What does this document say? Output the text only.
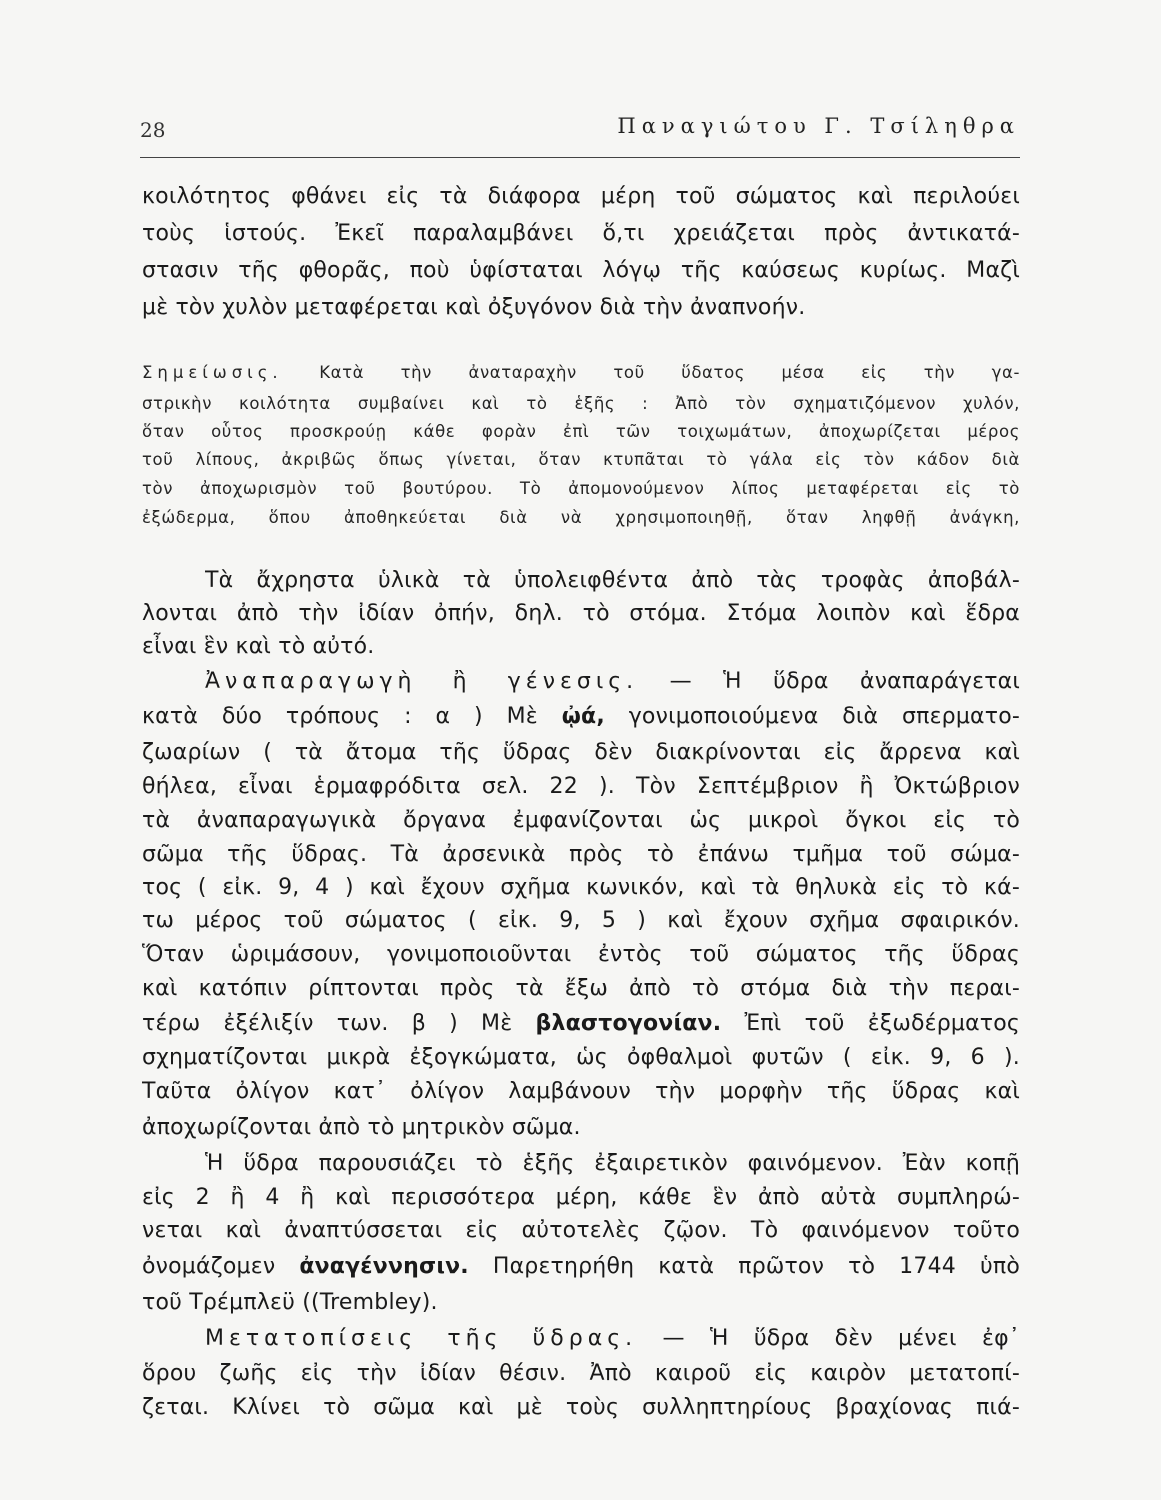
28	Παναγιώτου Γ. Τσίληθρα
κοιλότητος φθάνει εἰς τὰ διάφορα μέρη τοῦ σώματος καὶ περιλούει
τοὺς ἱστούς. Ἐκεῖ παραλαμβάνει ὅ,τι χρειάζεται πρὸς ἀντικατά-
στασιν τῆς φθορᾶς, ποὺ ὑφίσταται λόγῳ τῆς καύσεως κυρίως. Μαζὶ
μὲ τὸν χυλὸν μεταφέρεται καὶ ὀξυγόνον διὰ τὴν ἀναπνοήν.
Σημείωσις. Κατὰ τὴν ἀναταραχὴν τοῦ ὕδατος μέσα εἰς τὴν γα-
στρικὴν κοιλότητα συμβαίνει καὶ τὸ ἑξῆς : Ἀπὸ τὸν σχηματιζόμενον χυλόν,
ὅταν οὗτος προσκρούῃ κάθε φορὰν ἐπὶ τῶν τοιχωμάτων, ἀποχωρίζεται μέρος
τοῦ λίπους, ἀκριβῶς ὅπως γίνεται, ὅταν κτυπᾶται τὸ γάλα εἰς τὸν κάδον διὰ
τὸν ἀποχωρισμὸν τοῦ βουτύρου. Τὸ ἀπομονούμενον λίπος μεταφέρεται εἰς τὸ
ἐξώδερμα, ὅπου ἀποθηκεύεται διὰ νὰ χρησιμοποιηθῇ, ὅταν ληφθῇ ἀνάγκη,
Τὰ ἄχρηστα ὑλικὰ τὰ ὑπολειφθέντα ἀπὸ τὰς τροφὰς ἀποβάλ-
λονται ἀπὸ τὴν ἰδίαν ὀπήν, δηλ. τὸ στόμα. Στόμα λοιπὸν καὶ ἕδρα
εἶναι ἓν καὶ τὸ αὐτό.
Ἀναπαραγωγὴ ἢ γένεσις. — Ἡ ὕδρα ἀναπαράγεται
κατὰ δύο τρόπους : α ) Μὲ ᾠά, γονιμοποιούμενα διὰ σπερματο-
ζωαρίων ( τὰ ἄτομα τῆς ὕδρας δὲν διακρίνονται εἰς ἄρρενα καὶ
θήλεα, εἶναι ἑρμαφρόδιτα σελ. 22 ). Τὸν Σεπτέμβριον ἢ Ὀκτώβριον
τὰ ἀναπαραγωγικὰ ὄργανα ἐμφανίζονται ὡς μικροὶ ὄγκοι εἰς τὸ
σῶμα τῆς ὕδρας. Τὰ ἀρσενικὰ πρὸς τὸ ἐπάνω τμῆμα τοῦ σώμα-
τος ( εἰκ. 9, 4 ) καὶ ἔχουν σχῆμα κωνικόν, καὶ τὰ θηλυκὰ εἰς τὸ κά-
τω μέρος τοῦ σώματος ( εἰκ. 9, 5 ) καὶ ἔχουν σχῆμα σφαιρικόν.
Ὅταν ὡριμάσουν, γονιμοποιοῦνται ἐντὸς τοῦ σώματος τῆς ὕδρας
καὶ κατόπιν ρίπτονται πρὸς τὰ ἔξω ἀπὸ τὸ στόμα διὰ τὴν περαι-
τέρω ἐξέλιξίν των. β ) Μὲ βλαστογονίαν. Ἐπὶ τοῦ ἐξωδέρματος
σχηματίζονται μικρὰ ἐξογκώματα, ὡς ὀφθαλμοὶ φυτῶν ( εἰκ. 9, 6 ).
Ταῦτα ὀλίγον κατ᾿ ὀλίγον λαμβάνουν τὴν μορφὴν τῆς ὕδρας καὶ
ἀποχωρίζονται ἀπὸ τὸ μητρικὸν σῶμα.
Ἡ ὕδρα παρουσιάζει τὸ ἑξῆς ἐξαιρετικὸν φαινόμενον. Ἐὰν κοπῇ
εἰς 2 ἢ 4 ἢ καὶ περισσότερα μέρη, κάθε ἓν ἀπὸ αὐτὰ συμπληρώ-
νεται καὶ ἀναπτύσσεται εἰς αὐτοτελὲς ζῷον. Τὸ φαινόμενον τοῦτο
ὀνομάζομεν ἀναγέννησιν. Παρετηρήθη κατὰ πρῶτον τὸ 1744 ὑπὸ
τοῦ Τρέμπλεϋ ((Trembley).
Μετατοπίσεις τῆς ὕδρας. — Ἡ ὕδρα δὲν μένει ἐφ᾿
ὅρου ζωῆς εἰς τὴν ἰδίαν θέσιν. Ἀπὸ καιροῦ εἰς καιρὸν μετατοπί-
ζεται. Κλίνει τὸ σῶμα καὶ μὲ τοὺς συλληπτηρίους βραχίονας πιά-
